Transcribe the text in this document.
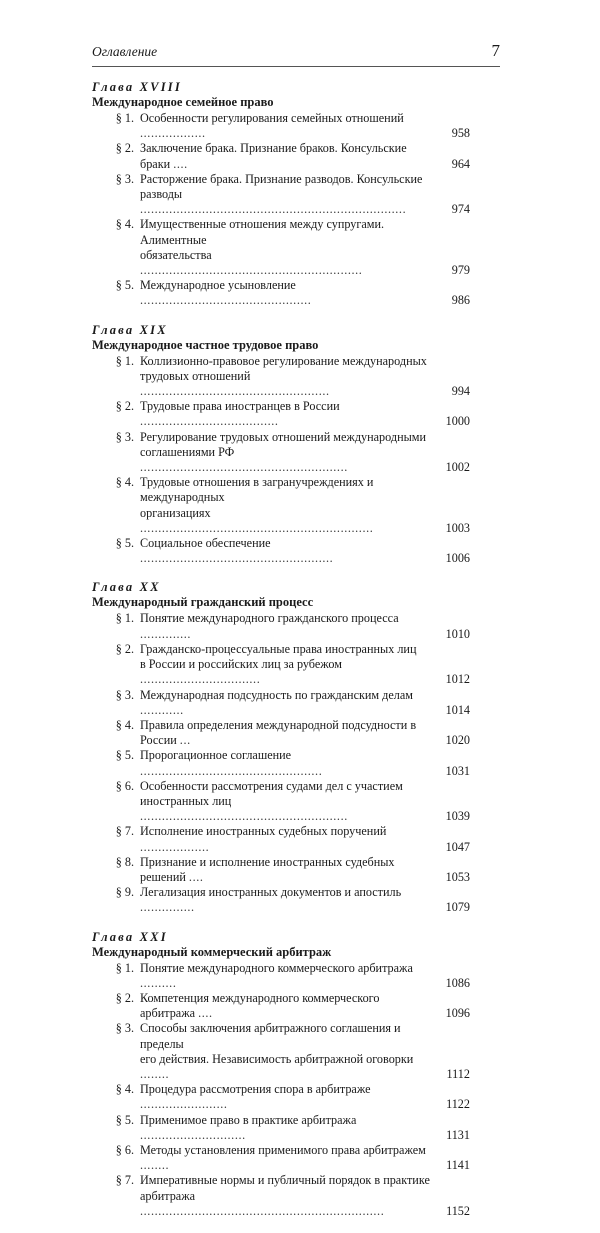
Оглавление	7
Глава XVIII
Международное семейное право
§ 1. Особенности регулирования семейных отношений ..................	958
§ 2. Заключение брака. Признание браков. Консульские браки ....	964
§ 3. Расторжение брака. Признание разводов. Консульские
разводы .........................................................................	974
§ 4. Имущественные отношения между супругами. Алиментные
обязательства .............................................................	979
§ 5. Международное усыновление ...............................................	986
Глава XIX
Международное частное трудовое право
§ 1. Коллизионно-правовое регулирование международных
трудовых отношений ....................................................	994
§ 2. Трудовые права иностранцев в России ......................................	1000
§ 3. Регулирование трудовых отношений международными
соглашениями РФ .........................................................	1002
§ 4. Трудовые отношения в загранучреждениях и международных
организациях ................................................................	1003
§ 5. Социальное обеспечение .....................................................	1006
Глава XX
Международный гражданский процесс
§ 1. Понятие международного гражданского процесса ..............	1010
§ 2. Гражданско-процессуальные права иностранных лиц
в России и российских лиц за рубежом .................................	1012
§ 3. Международная подсудность по гражданским делам ............	1014
§ 4. Правила определения международной подсудности в России ...	1020
§ 5. Пророгационное соглашение ..................................................	1031
§ 6. Особенности рассмотрения судами дел с участием
иностранных лиц .........................................................	1039
§ 7. Исполнение иностранных судебных поручений ...................	1047
§ 8. Признание и исполнение иностранных судебных решений ....	1053
§ 9. Легализация иностранных документов и апостиль ...............	1079
Глава XXI
Международный коммерческий арбитраж
§ 1. Понятие международного коммерческого арбитража ..........	1086
§ 2. Компетенция международного коммерческого арбитража ....	1096
§ 3. Способы заключения арбитражного соглашения и пределы
его действия. Независимость арбитражной оговорки ........	1112
§ 4. Процедура рассмотрения спора в арбитраже ........................	1122
§ 5. Применимое право в практике арбитража .............................	1131
§ 6. Методы установления применимого права арбитражем ........	1141
§ 7. Императивные нормы и публичный порядок в практике
арбитража ...................................................................	1152
